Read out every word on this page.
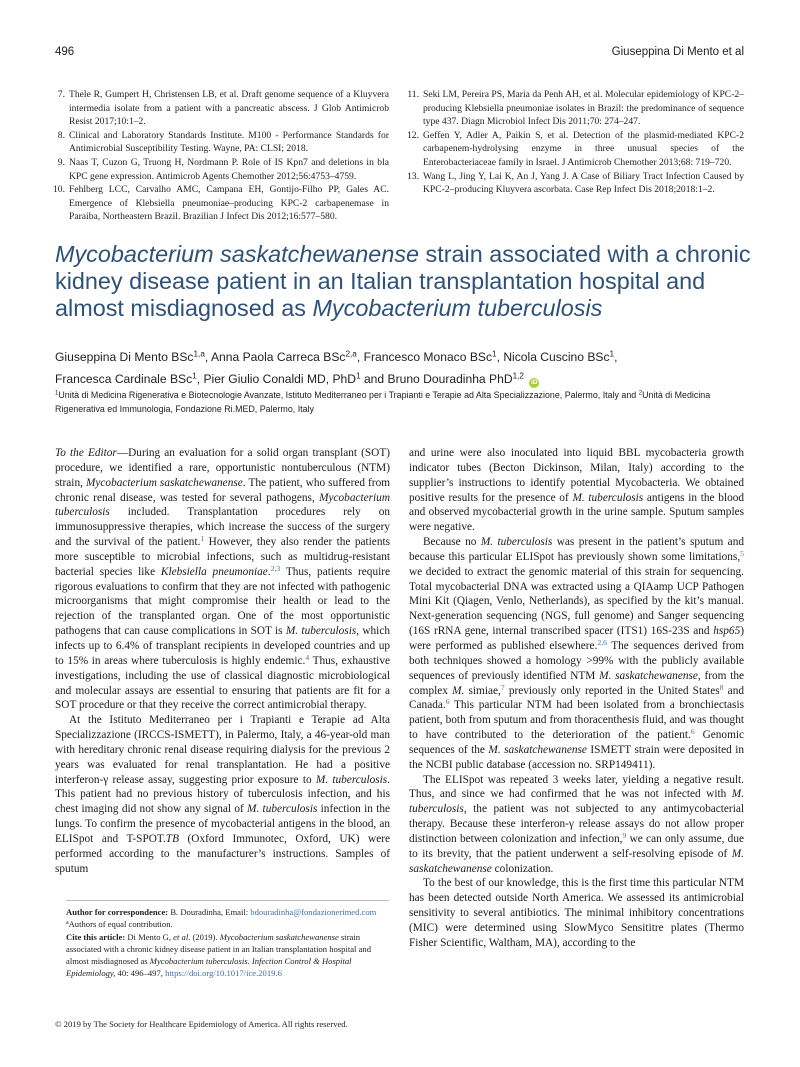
496	Giuseppina Di Mento et al
7. Thele R, Gumpert H, Christensen LB, et al. Draft genome sequence of a Kluyvera intermedia isolate from a patient with a pancreatic abscess. J Glob Antimicrob Resist 2017;10:1–2.
8. Clinical and Laboratory Standards Institute. M100 - Performance Standards for Antimicrobial Susceptibility Testing. Wayne, PA: CLSI; 2018.
9. Naas T, Cuzon G, Truong H, Nordmann P. Role of IS Kpn7 and deletions in bla KPC gene expression. Antimicrob Agents Chemother 2012;56:4753–4759.
10. Fehlberg LCC, Carvalho AMC, Campana EH, Gontijo-Filho PP, Gales AC. Emergence of Klebsiella pneumoniae–producing KPC-2 carbapenemase in Paraiba, Northeastern Brazil. Brazilian J Infect Dis 2012;16:577–580.
11. Seki LM, Pereira PS, Maria da Penh AH, et al. Molecular epidemiology of KPC-2–producing Klebsiella pneumoniae isolates in Brazil: the predominance of sequence type 437. Diagn Microbiol Infect Dis 2011;70: 274–247.
12. Geffen Y, Adler A, Paikin S, et al. Detection of the plasmid-mediated KPC-2 carbapenem-hydrolysing enzyme in three unusual species of the Enterobacteriaceae family in Israel. J Antimicrob Chemother 2013;68: 719–720.
13. Wang L, Jing Y, Lai K, An J, Yang J. A Case of Biliary Tract Infection Caused by KPC-2–producing Kluyvera ascorbata. Case Rep Infect Dis 2018;2018:1–2.
Mycobacterium saskatchewanense strain associated with a chronic kidney disease patient in an Italian transplantation hospital and almost misdiagnosed as Mycobacterium tuberculosis
Giuseppina Di Mento BSc$^{1,a}$, Anna Paola Carreca BSc$^{2,a}$, Francesco Monaco BSc$^1$, Nicola Cuscino BSc$^1$,
Francesca Cardinale BSc$^1$, Pier Giulio Conaldi MD, PhD$^1$ and Bruno Douradinha PhD$^{1,2}$ iD
$^1$Unità di Medicina Rigenerativa e Biotecnologie Avanzate, Istituto Mediterraneo per i Trapianti e Terapie ad Alta Specializzazione, Palermo, Italy and $^2$Unità di Medicina Rigenerativa ed Immunologia, Fondazione Ri.MED, Palermo, Italy

To the Editor—During an evaluation for a solid organ transplant (SOT) procedure, we identified a rare, opportunistic nontuberculous (NTM) strain, Mycobacterium saskatchewanense. The patient, who suffered from chronic renal disease, was tested for several pathogens, Mycobacterium tuberculosis included. Transplantation procedures rely on immunosuppressive therapies, which increase the success of the surgery and the survival of the patient.$^1$ However, they also render the patients more susceptible to microbial infections, such as multidrug-resistant bacterial species like Klebsiella pneumoniae.$^{2,3}$ Thus, patients require rigorous evaluations to confirm that they are not infected with pathogenic microorganisms that might compromise their health or lead to the rejection of the transplanted organ. One of the most opportunistic pathogens that can cause complications in SOT is M. tuberculosis, which infects up to 6.4% of transplant recipients in developed countries and up to 15% in areas where tuberculosis is highly endemic.$^4$ Thus, exhaustive investigations, including the use of classical diagnostic microbiological and molecular assays are essential to ensuring that patients are fit for a SOT procedure or that they receive the correct antimicrobial therapy.

At the Istituto Mediterraneo per i Trapianti e Terapie ad Alta Specializzazione (IRCCS-ISMETT), in Palermo, Italy, a 46-year-old man with hereditary chronic renal disease requiring dialysis for the previous 2 years was evaluated for renal transplantation. He had a positive interferon-γ release assay, suggesting prior exposure to M. tuberculosis. This patient had no previous history of tuberculosis infection, and his chest imaging did not show any signal of M. tuberculosis infection in the lungs. To confirm the presence of mycobacterial antigens in the blood, an ELISpot and T-SPOT.TB (Oxford Immunotec, Oxford, UK) were performed according to the manufacturer’s instructions. Samples of sputum

and urine were also inoculated into liquid BBL mycobacteria growth indicator tubes (Becton Dickinson, Milan, Italy) according to the supplier’s instructions to identify potential Mycobacteria. We obtained positive results for the presence of M. tuberculosis antigens in the blood and observed mycobacterial growth in the urine sample. Sputum samples were negative.

Because no M. tuberculosis was present in the patient’s sputum and because this particular ELISpot has previously shown some limitations,$^5$ we decided to extract the genomic material of this strain for sequencing. Total mycobacterial DNA was extracted using a QIAamp UCP Pathogen Mini Kit (Qiagen, Venlo, Netherlands), as specified by the kit’s manual. Next-generation sequencing (NGS, full genome) and Sanger sequencing (16S rRNA gene, internal transcribed spacer (ITS1) 16S-23S and hsp65) were performed as published elsewhere.$^{2,6}$ The sequences derived from both techniques showed a homology >99% with the publicly available sequences of previously identified NTM M. saskatchewanense, from the complex M. simiae,$^7$ previously only reported in the United States$^8$ and Canada.$^6$ This particular NTM had been isolated from a bronchiectasis patient, both from sputum and from thoracenthesis fluid, and was thought to have contributed to the deterioration of the patient.$^6$ Genomic sequences of the M. saskatchewanense ISMETT strain were deposited in the NCBI public database (accession no. SRP149411).

The ELISpot was repeated 3 weeks later, yielding a negative result. Thus, and since we had confirmed that he was not infected with M. tuberculosis, the patient was not subjected to any antimycobacterial therapy. Because these interferon-γ release assays do not allow proper distinction between colonization and infection,$^9$ we can only assume, due to its brevity, that the patient underwent a self-resolving episode of M. saskatchewanense colonization.

To the best of our knowledge, this is the first time this particular NTM has been detected outside North America. We assessed its antimicrobial sensitivity to several antibiotics. The minimal inhibitory concentrations (MIC) were determined using SlowMyco Sensititre plates (Thermo Fisher Scientific, Waltham, MA), according to the

Author for correspondence: B. Douradinha, Email: bdouradinha@fondazionerimed.com

$^a$Authors of equal contribution.

Cite this article: Di Mento G, et al. (2019). Mycobacterium saskatchewanense strain associated with a chronic kidney disease patient in an Italian transplantation hospital and almost misdiagnosed as Mycobacterium tuberculosis. Infection Control & Hospital Epidemiology, 40: 496–497, https://doi.org/10.1017/ice.2019.6

© 2019 by The Society for Healthcare Epidemiology of America. All rights reserved.
